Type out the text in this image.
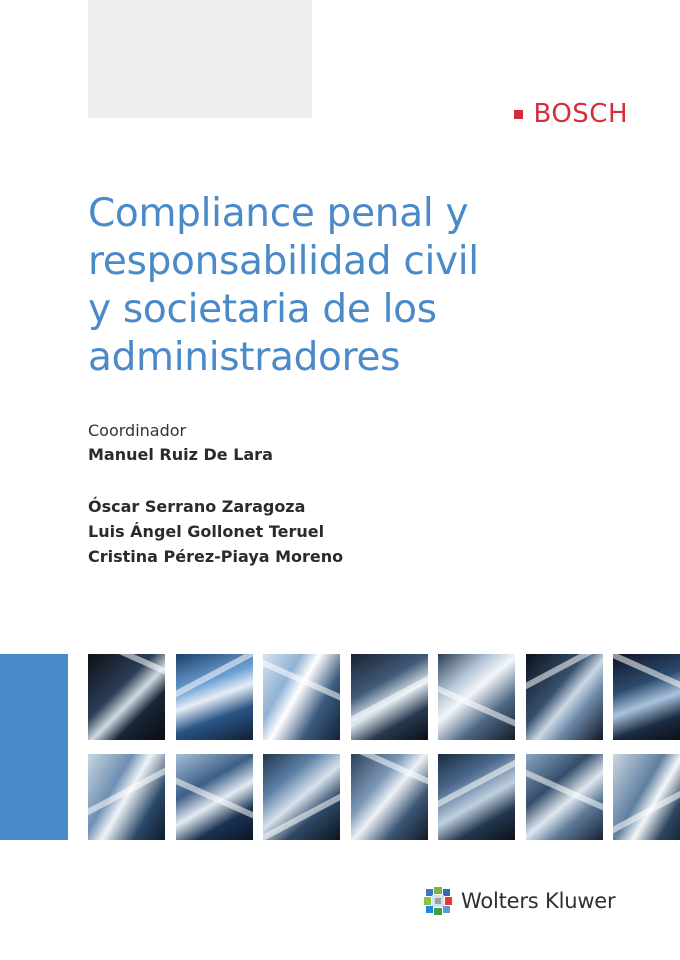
BOSCH
Compliance penal y
responsabilidad civil
y societaria de los
administradores
Coordinador
Manuel Ruiz De Lara
Óscar Serrano Zaragoza
Luis Ángel Gollonet Teruel
Cristina Pérez-Piaya Moreno
Wolters Kluwer
